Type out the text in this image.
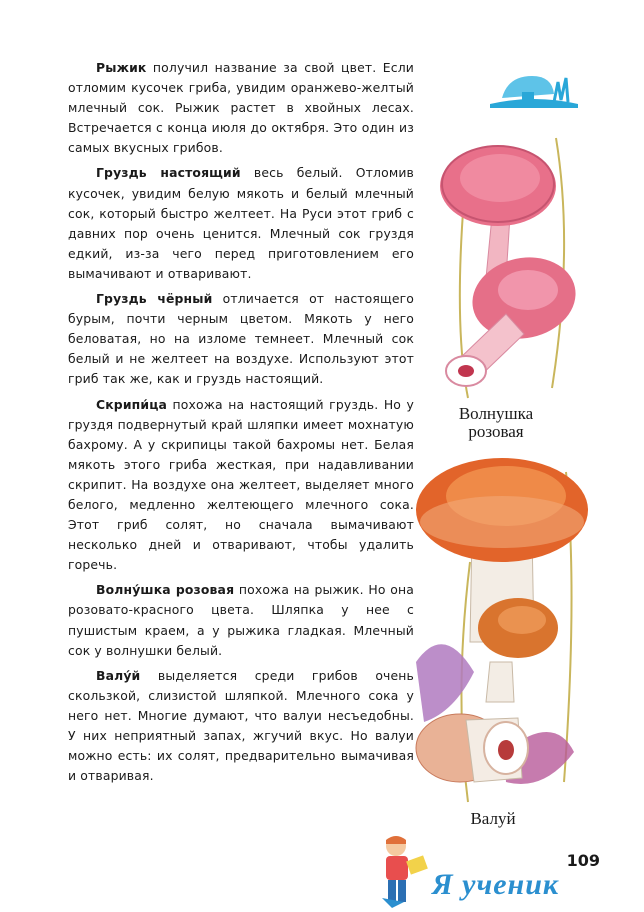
Рыжик получил название за свой цвет. Если отломим кусочек гриба, увидим оранжево-желтый млечный сок. Рыжик растет в хвойных лесах. Встречается с конца июля до октября. Это один из самых вкусных грибов.

Груздь настоящий весь белый. Отломив кусочек, увидим белую мякоть и белый млечный сок, который быстро желтеет. На Руси этот гриб с давних пор очень ценится. Млечный сок груздя едкий, из-за чего перед приготовлением его вымачивают и отваривают.

Груздь чёрный отличается от настоящего бурым, почти черным цветом. Мякоть у него беловатая, но на изломе темнеет. Млечный сок белый и не желтеет на воздухе. Используют этот гриб так же, как и груздь настоящий.

Скрипи́ца похожа на настоящий груздь. Но у груздя подвернутый край шляпки имеет мохнатую бахрому. А у скрипицы такой бахромы нет. Белая мякоть этого гриба жесткая, при надавливании скрипит. На воздухе она желтеет, выделяет много белого, медленно желтеющего млечного сока. Этот гриб солят, но сначала вымачивают несколько дней и отваривают, чтобы удалить горечь.

Волну́шка розовая похожа на рыжик. Но она розовато-красного цвета. Шляпка у нее с пушистым краем, а у рыжика гладкая. Млечный сок у волнушки белый.

Валу́й выделяется среди грибов очень скользкой, слизистой шляпкой. Млечного сока у него нет. Многие думают, что валуи несъедобны. У них неприятный запах, жгучий вкус. Но валуи можно есть: их солят, предварительно вымачивая и отваривая.

Волнушка
розовая
Валуй
109
Я ученик
